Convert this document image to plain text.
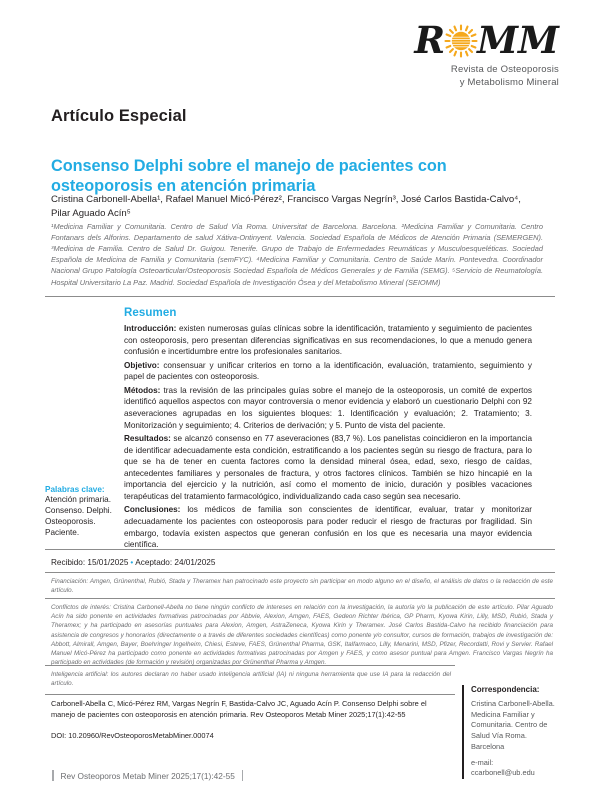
R MM
Revista de Osteoporosis
y Metabolismo Mineral
Artículo Especial
Consenso Delphi sobre el manejo de pacientes con osteoporosis en atención primaria
Cristina Carbonell-Abella¹, Rafael Manuel Micó-Pérez², Francisco Vargas Negrín³, José Carlos Bastida-Calvo⁴,
Pilar Aguado Acín⁵
¹Medicina Familiar y Comunitaria. Centro de Salud Vía Roma. Universitat de Barcelona. Barcelona. ²Medicina Familiar y Comunitaria. Centro Fontanars dels Alforins. Departamento de salud Xátiva-Ontinyent. Valencia. Sociedad Española de Médicos de Atención Primaria (SEMERGEN). ³Medicina de Familia. Centro de Salud Dr. Guigou. Tenerife. Grupo de Trabajo de Enfermedades Reumáticas y Musculoesqueléticas. Sociedad Española de Medicina de Familia y Comunitaria (semFYC). ⁴Medicina Familiar y Comunitaria. Centro de Saúde Marín. Pontevedra. Coordinador Nacional Grupo Patología Osteoarticular/Osteoporosis Sociedad Española de Médicos Generales y de Familia (SEMG). ⁵Servicio de Reumatología. Hospital Universitario La Paz. Madrid. Sociedad Española de Investigación Ósea y del Metabolismo Mineral (SEIOMM)
Resumen

Introducción: existen numerosas guías clínicas sobre la identificación, tratamiento y seguimiento de pacientes con osteoporosis, pero presentan diferencias significativas en sus recomendaciones, lo que a menudo genera confusión e incertidumbre entre los profesionales sanitarios.

Objetivo: consensuar y unificar criterios en torno a la identificación, evaluación, tratamiento, seguimiento y papel de pacientes con osteoporosis.

Métodos: tras la revisión de las principales guías sobre el manejo de la osteoporosis, un comité de expertos identificó aquellos aspectos con mayor controversia o menor evidencia y elaboró un cuestionario Delphi con 92 aseveraciones agrupadas en los siguientes bloques: 1. Identificación y evaluación; 2. Tratamiento; 3. Monitorización y seguimiento; 4. Criterios de derivación; y 5. Punto de vista del paciente.

Resultados: se alcanzó consenso en 77 aseveraciones (83,7 %). Los panelistas coincidieron en la importancia de identificar adecuadamente esta condición, estratificando a los pacientes según su riesgo de fractura, para lo que se ha de tener en cuenta factores como la densidad mineral ósea, edad, sexo, riesgo de caídas, antecedentes familiares y personales de fractura, y otros factores clínicos. También se hizo hincapié en la importancia del ejercicio y la nutrición, así como el momento de inicio, duración y posibles vacaciones terapéuticas del tratamiento farmacológico, individualizando cada caso según sea necesario.

Conclusiones: los médicos de familia son conscientes de identificar, evaluar, tratar y monitorizar adecuadamente los pacientes con osteoporosis para poder reducir el riesgo de fracturas por fragilidad. Sin embargo, todavía existen aspectos que generan confusión en los que es necesaria una mayor evidencia científica.

Palabras clave:
Atención primaria. Consenso. Delphi. Osteoporosis. Paciente.
Recibido: 15/01/2025 • Aceptado: 24/01/2025
Financiación: Amgen, Grünenthal, Rubió, Stada y Theramex han patrocinado este proyecto sin participar en modo alguno en el diseño, el análisis de datos o la redacción de este artículo.
Conflictos de interés: Cristina Carbonell-Abella no tiene ningún conflicto de intereses en relación con la investigación, la autoría y/o la publicación de este artículo. Pilar Aguado Acín ha sido ponente en actividades formativas patrocinadas por Abbvie, Alexion, Amgen, FAES, Gedeon Richter Ibérica, GP Pharm, Kyowa Kirin, Lilly, MSD, Rubió, Stada y Theramex; y ha participado en asesorías puntuales para Alexion, Amgen, AstraZeneca, Kyowa Kirin y Theramex. José Carlos Bastida-Calvo ha recibido financiación para asistencia de congresos y honorarios (directamente o a través de diferentes sociedades científicas) como ponente y/o consultor, cursos de formación, trabajos de investigación de: Abbott, Almirall, Amgen, Bayer, Boehringer Ingelheim, Chiesi, Esteve, FAES, Grünenthal Pharma, GSK, Italfarmaco, Lilly, Menarini, MSD, Pfizer, Recordatti, Rovi y Servier. Rafael Manuel Micó-Pérez ha participado como ponente en actividades formativas patrocinadas por Amgen y FAES, y como asesor puntual para Amgen. Francisco Vargas Negrín ha participado en actividades (de formación y revisión) organizadas por Grünenthal Pharma y Amgen.
Inteligencia artificial: los autores declaran no haber usado inteligencia artificial (IA) ni ninguna herramienta que use IA para la redacción del artículo.
Carbonell-Abella C, Micó-Pérez RM, Vargas Negrín F, Bastida-Calvo JC, Aguado Acín P. Consenso Delphi sobre el manejo de pacientes con osteoporosis en atención primaria. Rev Osteoporos Metab Miner 2025;17(1):42-55
DOI: 10.20960/RevOsteoporosMetabMiner.00074
Correspondencia:
Cristina Carbonell-Abella. Medicina Familiar y Comunitaria. Centro de Salud Vía Roma. Barcelona
e-mail: ccarbonell@ub.edu
Rev Osteoporos Metab Miner 2025;17(1):42-55
